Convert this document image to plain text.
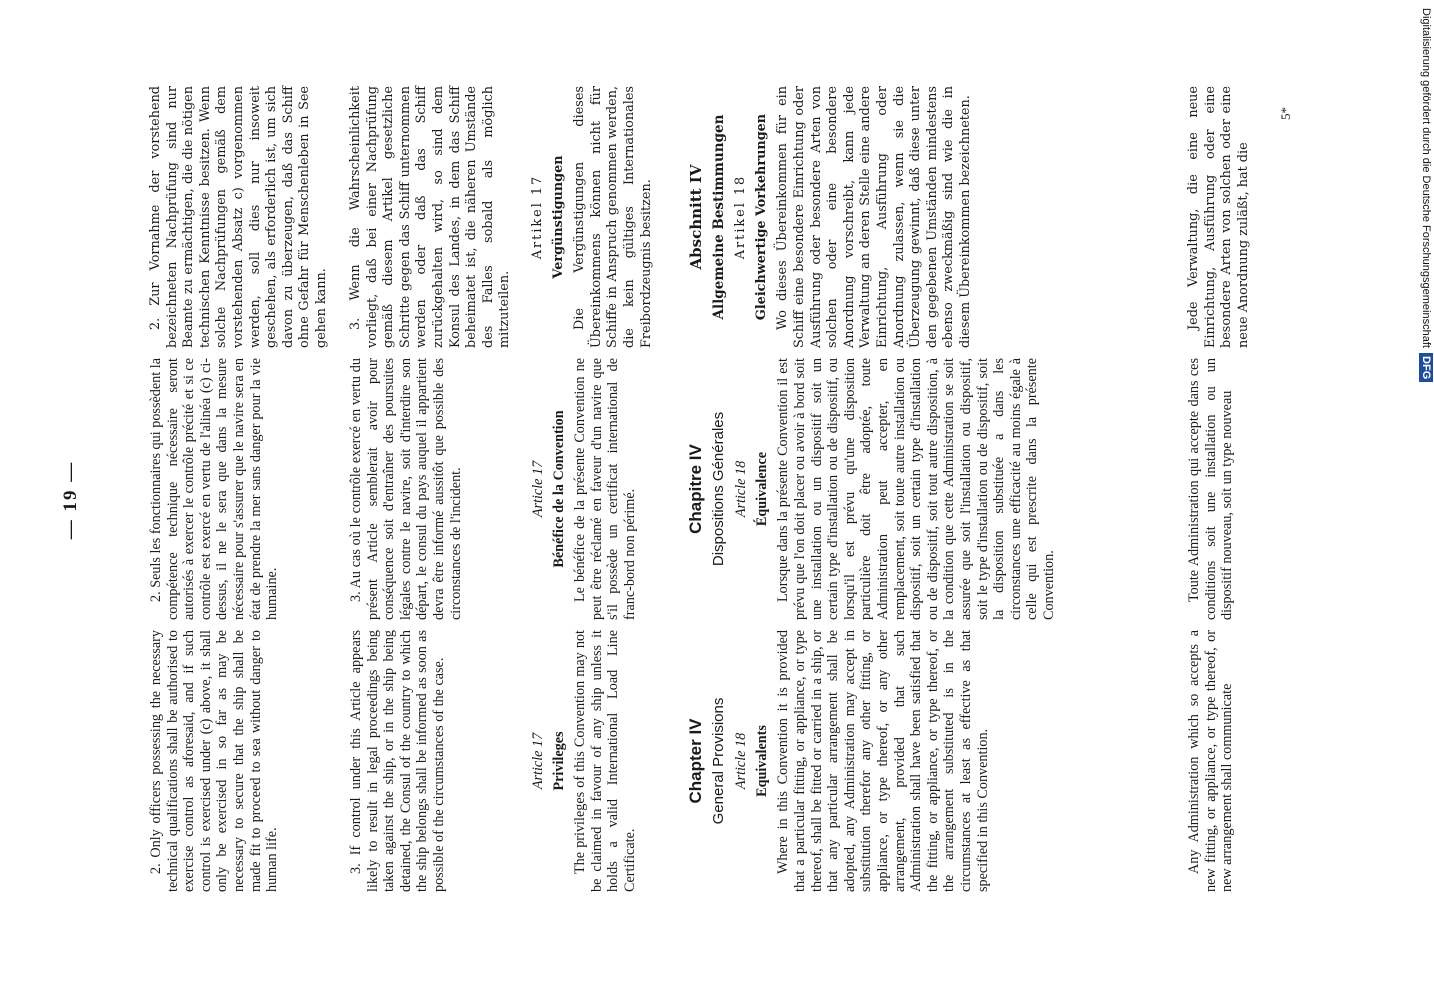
— 19 —

2. Only officers possessing the necessary technical qualifications shall be authorised to exercise control as aforesaid, and if such control is exercised under (c) above, it shall only be exercised in so far as may be necessary to secure that the ship shall be made fit to proceed to sea without danger to human life.

2. Seuls les fonctionnaires qui possèdent la compétence technique nécessaire seront autorisés à exercer le contrôle précité et si ce contrôle est exercé en vertu de l'alinéa (c) ci-dessus, il ne le sera que dans la mesure nécessaire pour s'assurer que le navire sera en état de prendre la mer sans danger pour la vie humaine.

2. Zur Vornahme der vorstehend bezeichneten Nachprüfung sind nur Beamte zu ermächtigen, die die nötigen technischen Kenntnisse besitzen. Wenn solche Nachprüfungen gemäß dem vorstehenden Absatz c) vorgenommen werden, soll dies nur insoweit geschehen, als erforderlich ist, um sich davon zu überzeugen, daß das Schiff ohne Gefahr für Menschenleben in See gehen kann.

3. If control under this Article appears likely to result in legal proceedings being taken against the ship, or in the ship being detained, the Consul of the country to which the ship belongs shall be informed as soon as possible of the circumstances of the case.

3. Au cas où le contrôle exercé en vertu du présent Article semblerait avoir pour conséquence soit d'entraîner des poursuites légales contre le navire, soit d'interdire son départ, le consul du pays auquel il appartient devra être informé aussitôt que possible des circonstances de l'incident.

3. Wenn die Wahrscheinlichkeit vorliegt, daß bei einer Nachprüfung gemäß diesem Artikel gesetzliche Schritte gegen das Schiff unternommen werden oder daß das Schiff zurückgehalten wird, so sind dem Konsul des Landes, in dem das Schiff beheimatet ist, die näheren Umstände des Falles sobald als möglich mitzuteilen.

Article 17 Privileges The privileges of this Convention may not be claimed in favour of any ship unless it holds a valid International Load Line Certificate.

Article 17 Bénéfice de la Convention Le bénéfice de la présente Convention ne peut être réclamé en faveur d'un navire que s'il possède un certificat international de franc-bord non périmé.

Artikel 17 Vergünstigungen Die Vergünstigungen dieses Übereinkommens können nicht für Schiffe in Anspruch genommen werden, die kein gültiges Internationales Freibordzeugnis besitzen.

Chapter IV General Provisions Article 18 Equivalents Where in this Convention it is provided that a particular fitting, or appliance, or type thereof, shall be fitted or carried in a ship, or that any particular arrangement shall be adopted, any Administration may accept in substitution therefor any other fitting, or appliance, or type thereof, or any other arrangement, provided that such Administration shall have been satisfied that the fitting, or appliance, or type thereof, or the arrangement substituted is in the circumstances at least as effective as that specified in this Convention.

Chapitre IV Dispositions Générales Article 18 Équivalence Lorsque dans la présente Convention il est prévu que l'on doit placer ou avoir à bord soit une installation ou un dispositif soit un certain type d'installation ou de dispositif, ou lorsqu'il est prévu qu'une disposition particulière doit être adoptée, toute Administration peut accepter, en remplacement, soit toute autre installation ou dispositif, soit un certain type d'installation ou de dispositif, soit tout autre disposition, à la condition que cette Administration se soit assurée que soit l'installation ou dispositif, soit le type d'installation ou de dispositif, soit la disposition substituée a dans les circonstances une efficacité au moins égale à celle qui est prescrite dans la présente Convention.

Abschnitt IV Allgemeine Bestimmungen Artikel 18 Gleichwertige Vorkehrungen Wo dieses Übereinkommen für ein Schiff eine besondere Einrichtung oder Ausführung oder besondere Arten von solchen oder eine besondere Anordnung vorschreibt, kann jede Verwaltung an deren Stelle eine andere Einrichtung, Ausführung oder Anordnung zulassen, wenn sie die Überzeugung gewinnt, daß diese unter den gegebenen Umständen mindestens ebenso zweckmäßig sind wie die in diesem Übereinkommen bezeichneten.

Any Administration which so accepts a new fitting, or appliance, or type thereof, or new arrangement shall communicate

Toute Administration qui accepte dans ces conditions soit une installation ou un dispositif nouveau, soit un type nouveau

Jede Verwaltung, die eine neue Einrichtung, Ausführung oder eine besondere Arten von solchen oder eine neue Anordnung zuläßt, hat die

5*	Digitalisierung gefördert durch die Deutsche Forschungsgemeinschaft DFG
